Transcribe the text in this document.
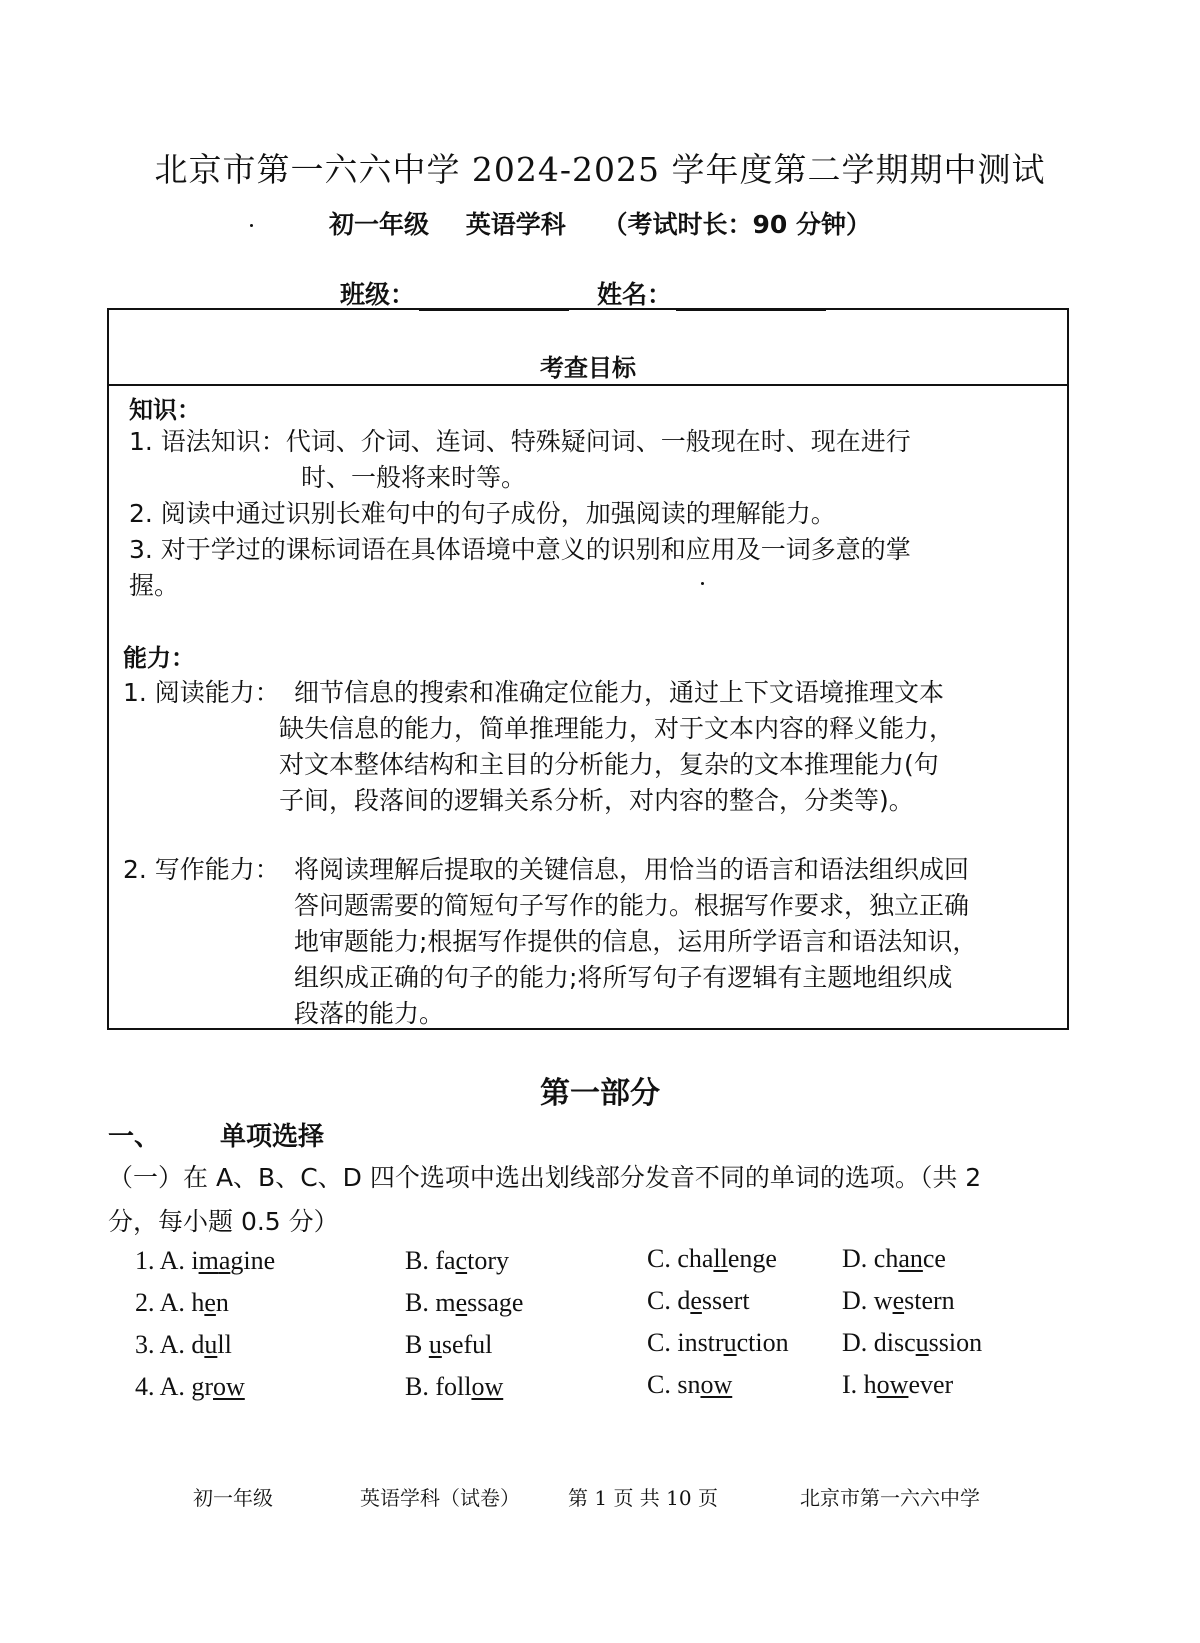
北京市第一六六中学 2024-2025 学年度第二学期期中测试
初一年级 英语学科 （考试时长：90 分钟）
班级：	姓名：
考查目标
知识：
1. 语法知识：代词、介词、连词、特殊疑问词、一般现在时、现在进行
时、一般将来时等。
2. 阅读中通过识别长难句中的句子成份，加强阅读的理解能力。
3. 对于学过的课标词语在具体语境中意义的识别和应用及一词多意的掌
握。
能力：
1. 阅读能力： 细节信息的搜索和准确定位能力，通过上下文语境推理文本
缺失信息的能力，简单推理能力，对于文本内容的释义能力，
对文本整体结构和主目的分析能力，复杂的文本推理能力(句
子间，段落间的逻辑关系分析，对内容的整合，分类等)。
2. 写作能力： 将阅读理解后提取的关键信息，用恰当的语言和语法组织成回
答问题需要的简短句子写作的能力。根据写作要求，独立正确
地审题能力;根据写作提供的信息，运用所学语言和语法知识，
组织成正确的句子的能力;将所写句子有逻辑有主题地组织成
段落的能力。
第一部分
一、 单项选择
（一）在 A、B、C、D 四个选项中选出划线部分发音不同的单词的选项。（共 2
分，每小题 0.5 分）
1. A. imagine	B. factory	C. challenge	D. chance
2. A. hen	B. message	C. dessert	D. western
3. A. dull	B useful	C. instruction D. discussion
4. A. grow	B. follow	C. snow	I. however
初一年级	英语学科（试卷） 第 1 页 共 10 页	北京市第一六六中学
